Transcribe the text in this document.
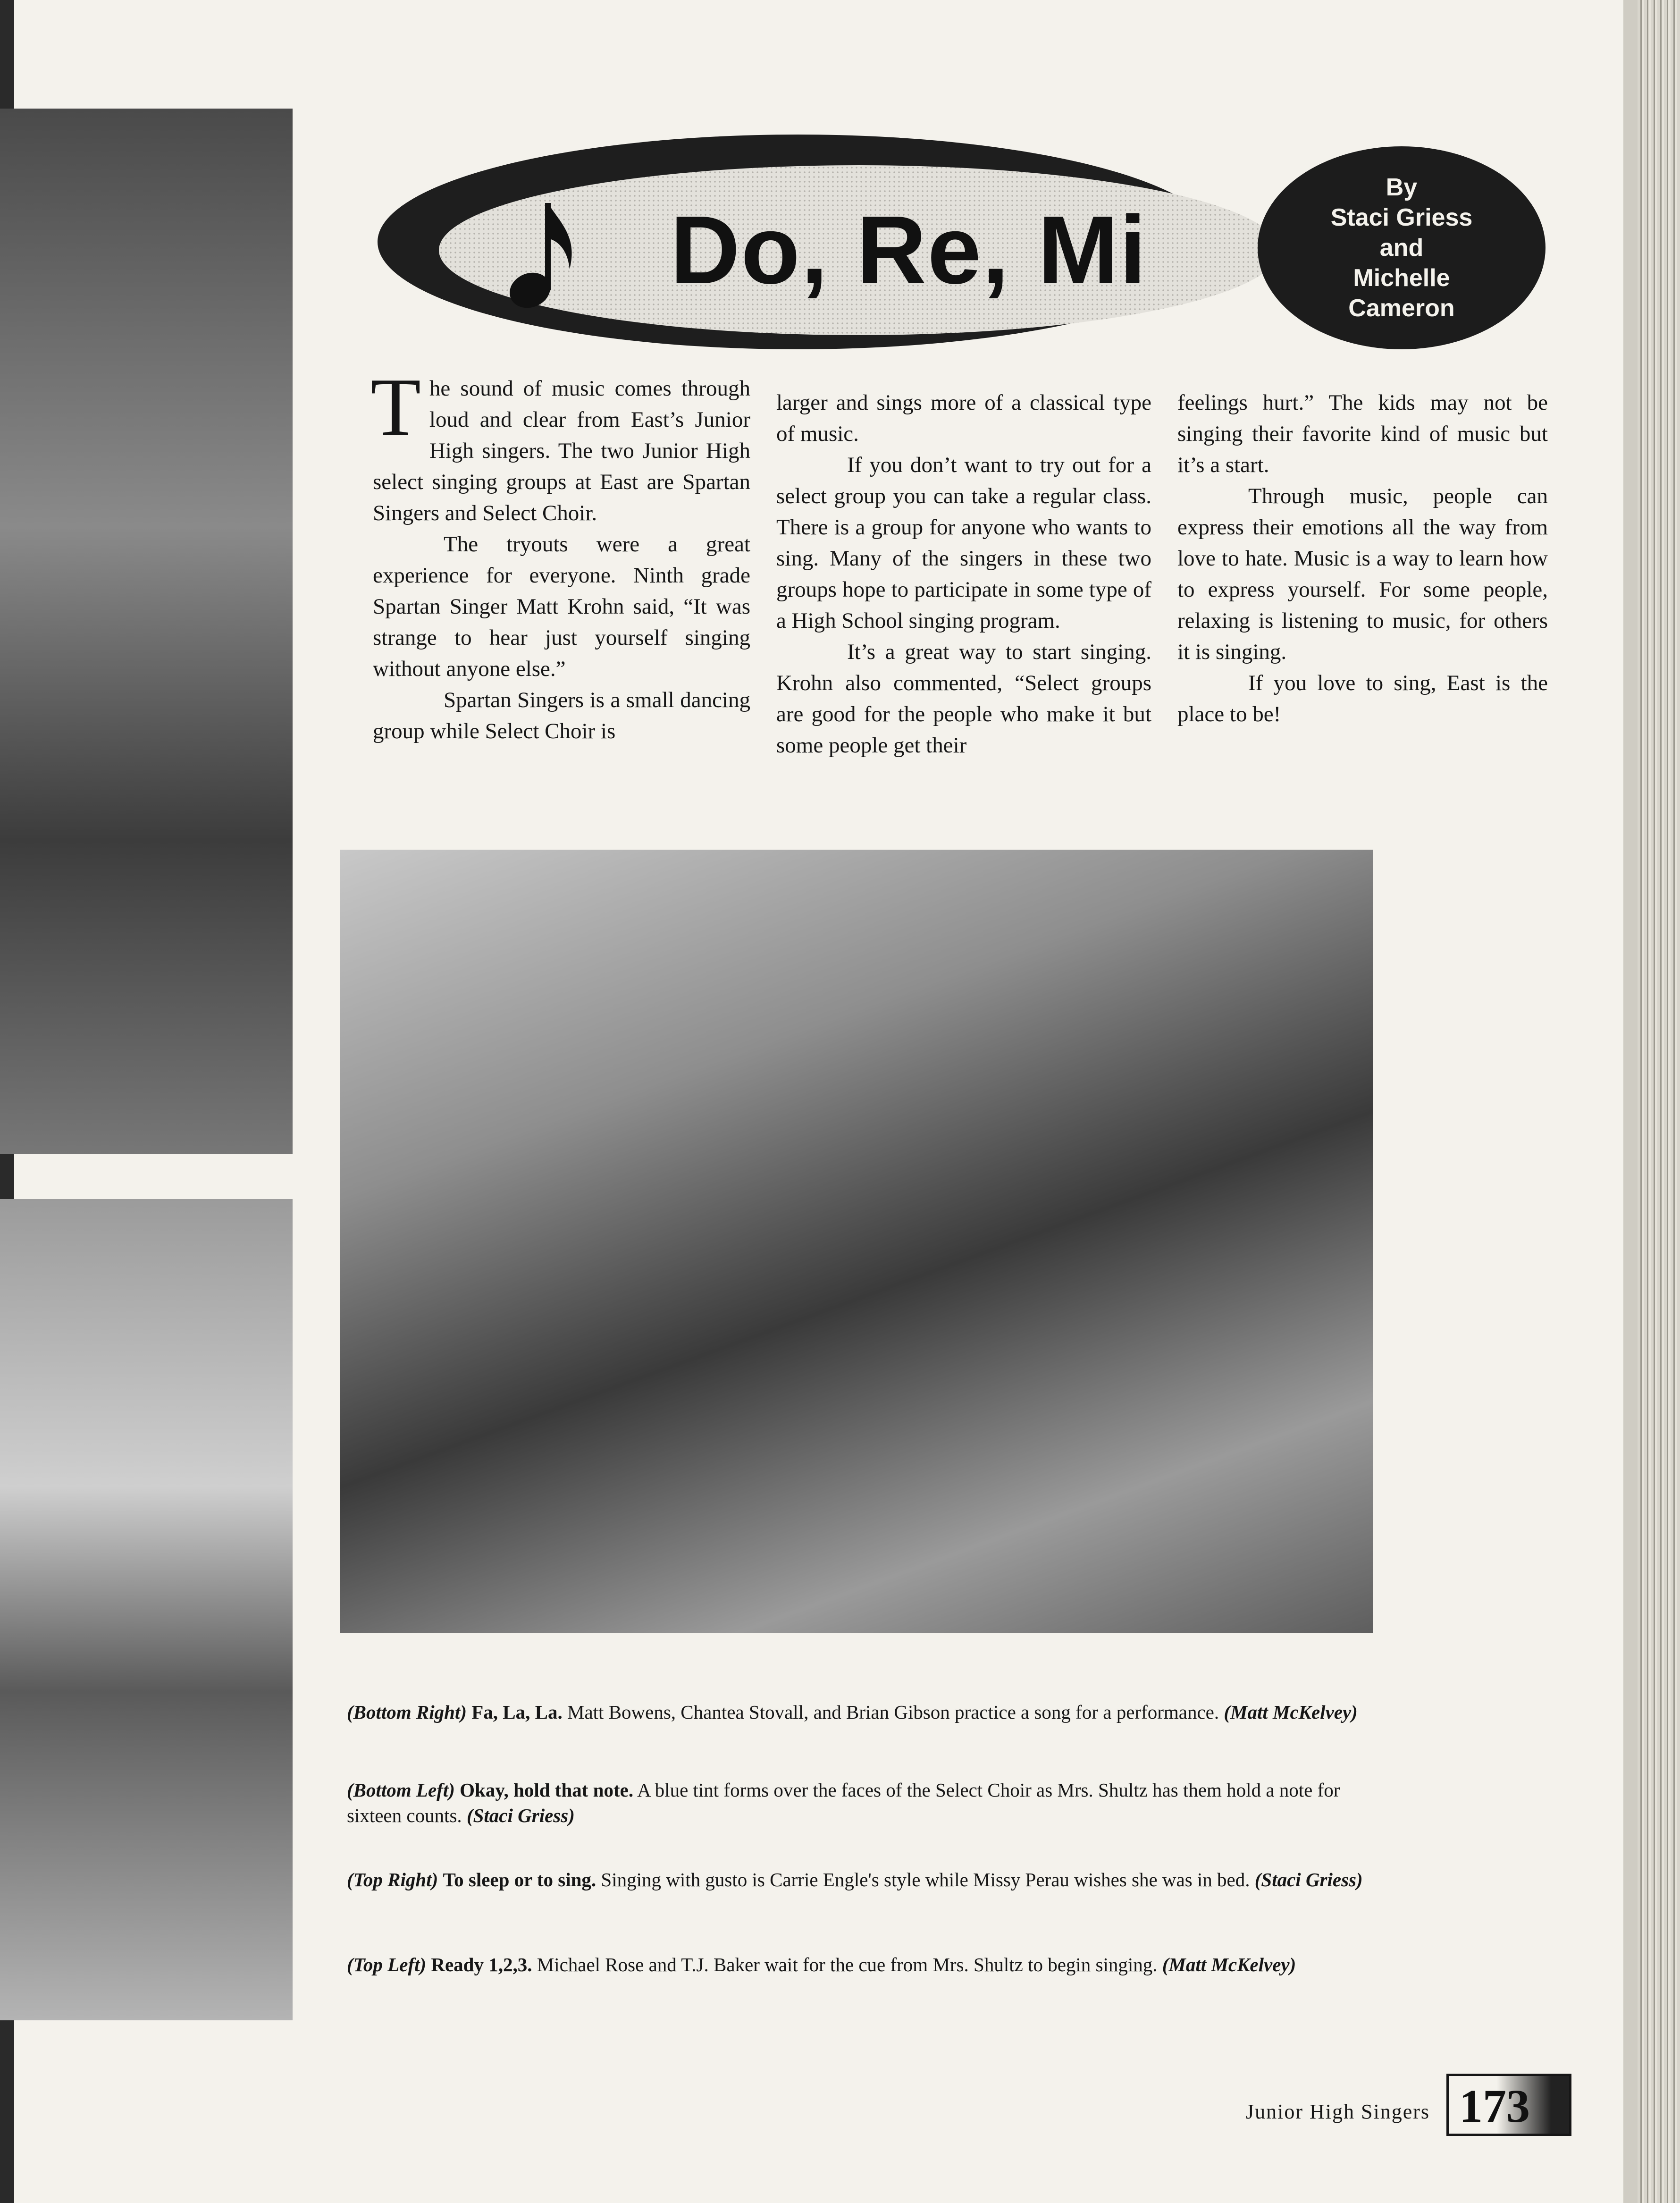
Do, Re, Mi
By
Staci Griess
and
Michelle
Cameron

The sound of music comes through loud and clear from East’s Junior High singers. The two Junior High select singing groups at East are Spartan Singers and Select Choir.

The tryouts were a great experience for everyone. Ninth grade Spartan Singer Matt Krohn said, “It was strange to hear just yourself singing without anyone else.”

Spartan Singers is a small dancing group while Select Choir is

larger and sings more of a classical type of music.

If you don’t want to try out for a select group you can take a regular class. There is a group for anyone who wants to sing. Many of the singers in these two groups hope to participate in some type of a High School singing program.

It’s a great way to start singing. Krohn also commented, “Select groups are good for the people who make it but some people get their

feelings hurt.” The kids may not be singing their favorite kind of music but it’s a start.

Through music, people can express their emotions all the way from love to hate. Music is a way to learn how to express yourself. For some people, relaxing is listening to music, for others it is singing.

If you love to sing, East is the place to be!

(Bottom Right) Fa, La, La. Matt Bowens, Chantea Stovall, and Brian Gibson practice a song for a performance. (Matt McKelvey)
(Bottom Left) Okay, hold that note. A blue tint forms over the faces of the Select Choir as Mrs. Shultz has them hold a note for sixteen counts. (Staci Griess)
(Top Right) To sleep or to sing. Singing with gusto is Carrie Engle's style while Missy Perau wishes she was in bed. (Staci Griess)
(Top Left) Ready 1,2,3. Michael Rose and T.J. Baker wait for the cue from Mrs. Shultz to begin singing. (Matt McKelvey)
Junior High Singers 173
